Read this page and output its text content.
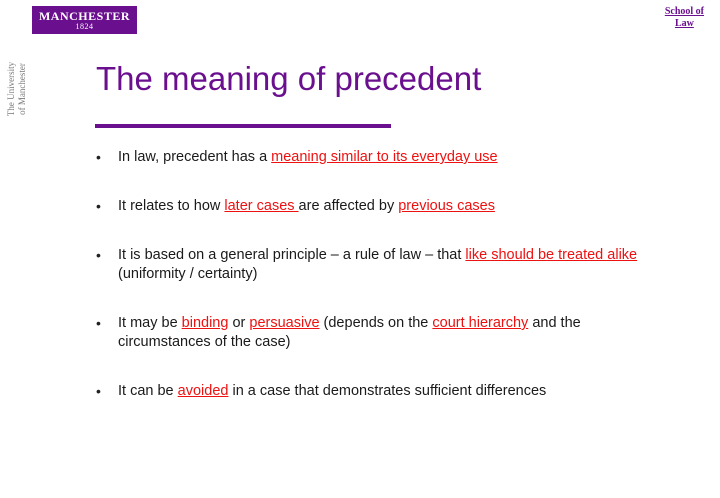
MANCHESTER
1824
The University of Manchester
School of
Law
The meaning of precedent
•	In law, precedent has a meaning similar to its everyday use
•	It relates to how later cases are affected by previous cases
•	It is based on a general principle – a rule of law – that like should be treated alike (uniformity / certainty)
•	It may be binding or persuasive (depends on the court hierarchy and the circumstances of the case)
•	It can be avoided in a case that demonstrates sufficient differences
